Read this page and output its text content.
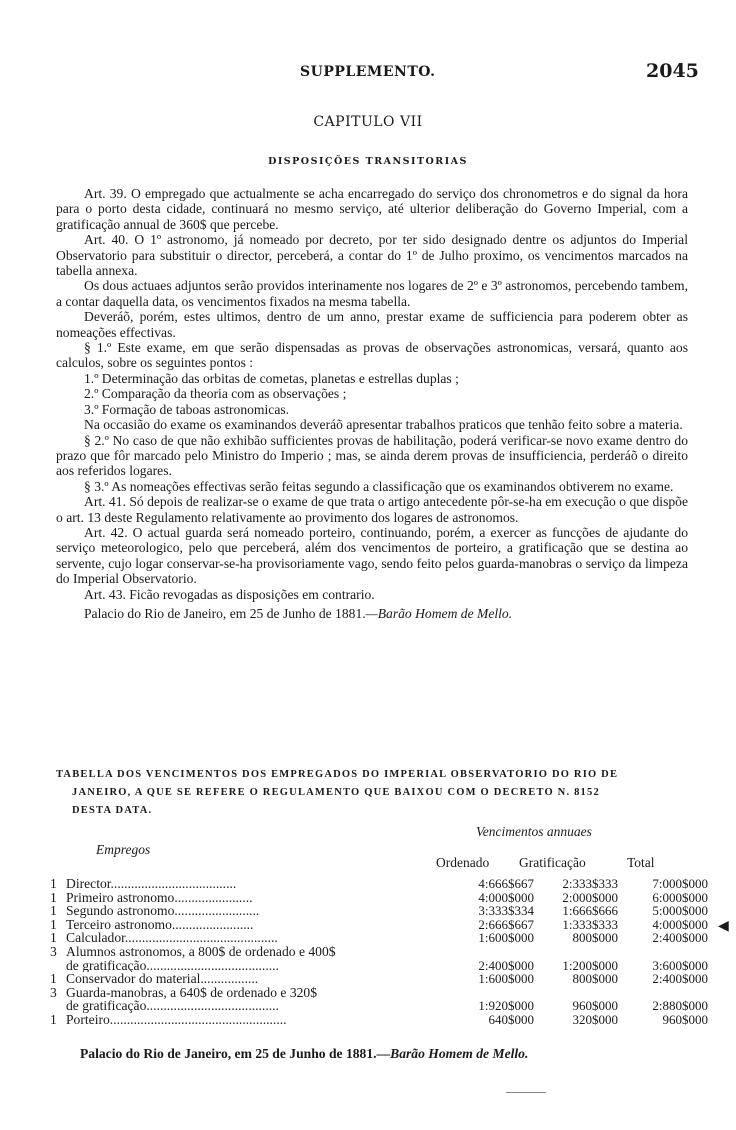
SUPPLEMENTO.	2045
CAPITULO VII
DISPOSIÇÕES TRANSITORIAS

Art. 39. O empregado que actualmente se acha encarregado do serviço dos chronometros e do signal da hora para o porto desta cidade, continuará no mesmo serviço, até ulterior deliberação do Governo Imperial, com a gratificação annual de 360$ que percebe.

Art. 40. O 1º astronomo, já nomeado por decreto, por ter sido designado dentre os adjuntos do Imperial Observatorio para substituir o director, perceberá, a contar do 1º de Julho proximo, os vencimentos marcados na tabella annexa.

Os dous actuaes adjuntos serão providos interinamente nos logares de 2º e 3º astronomos, percebendo tambem, a contar daquella data, os vencimentos fixados na mesma tabella.

Deveráõ, porém, estes ultimos, dentro de um anno, prestar exame de sufficiencia para poderem obter as nomeações effectivas.

§ 1.º Este exame, em que serão dispensadas as provas de observações astronomicas, versará, quanto aos calculos, sobre os seguintes pontos :

1.º Determinação das orbitas de cometas, planetas e estrellas duplas ;

2.º Comparação da theoria com as observações ;

3.º Formação de taboas astronomicas.

Na occasião do exame os examinandos deveráõ apresentar trabalhos praticos que tenhão feito sobre a materia.

§ 2.º No caso de que não exhibão sufficientes provas de habilitação, poderá verificar-se novo exame dentro do prazo que fôr marcado pelo Ministro do Imperio ; mas, se ainda derem provas de insufficiencia, perderáõ o direito aos referidos logares.

§ 3.º As nomeações effectivas serão feitas segundo a classificação que os examinandos obtiverem no exame.

Art. 41. Só depois de realizar-se o exame de que trata o artigo antecedente pôr-se-ha em execução o que dispõe o art. 13 deste Regulamento relativamente ao provimento dos logares de astronomos.

Art. 42. O actual guarda será nomeado porteiro, continuando, porém, a exercer as funcções de ajudante do serviço meteorologico, pelo que perceberá, além dos vencimentos de porteiro, a gratificação que se destina ao servente, cujo logar conservar-se-ha provisoriamente vago, sendo feito pelos guarda-manobras o serviço da limpeza do Imperial Observatorio.

Art. 43. Ficão revogadas as disposições em contrario.

Palacio do Rio de Janeiro, em 25 de Junho de 1881.—Barão Homem de Mello.

TABELLA DOS VENCIMENTOS DOS EMPREGADOS DO IMPERIAL OBSERVATORIO DO RIO DE
JANEIRO, A QUE SE REFERE O REGULAMENTO QUE BAIXOU COM O DECRETO N. 8152
DESTA DATA.
Vencimentos annuaes
Empregos
Ordenado Gratificação	Total
1 Director.....................................	4:666$667	2:333$333	7:000$000
1 Primeiro astronomo.......................	4:000$000	2:000$000	6:000$000
1 Segundo astronomo.........................	3:333$334	1:666$666	5:000$000
1 Terceiro astronomo........................	2:666$667	1:333$333	4:000$000
1 Calculador.............................................	1:600$000	800$000	2:400$000
3 Alumnos astronomos, a 800$ de ordenado e 400$
de gratificação.......................................	2:400$000	1:200$000	3:600$000
1 Conservador do material.................	1:600$000	800$000	2:400$000
3 Guarda-manobras, a 640$ de ordenado e 320$
de gratificação.......................................	1:920$000	960$000	2:880$000
1 Porteiro....................................................	640$000	320$000	960$000
Palacio do Rio de Janeiro, em 25 de Junho de 1881.—Barão Homem de Mello.
◀
